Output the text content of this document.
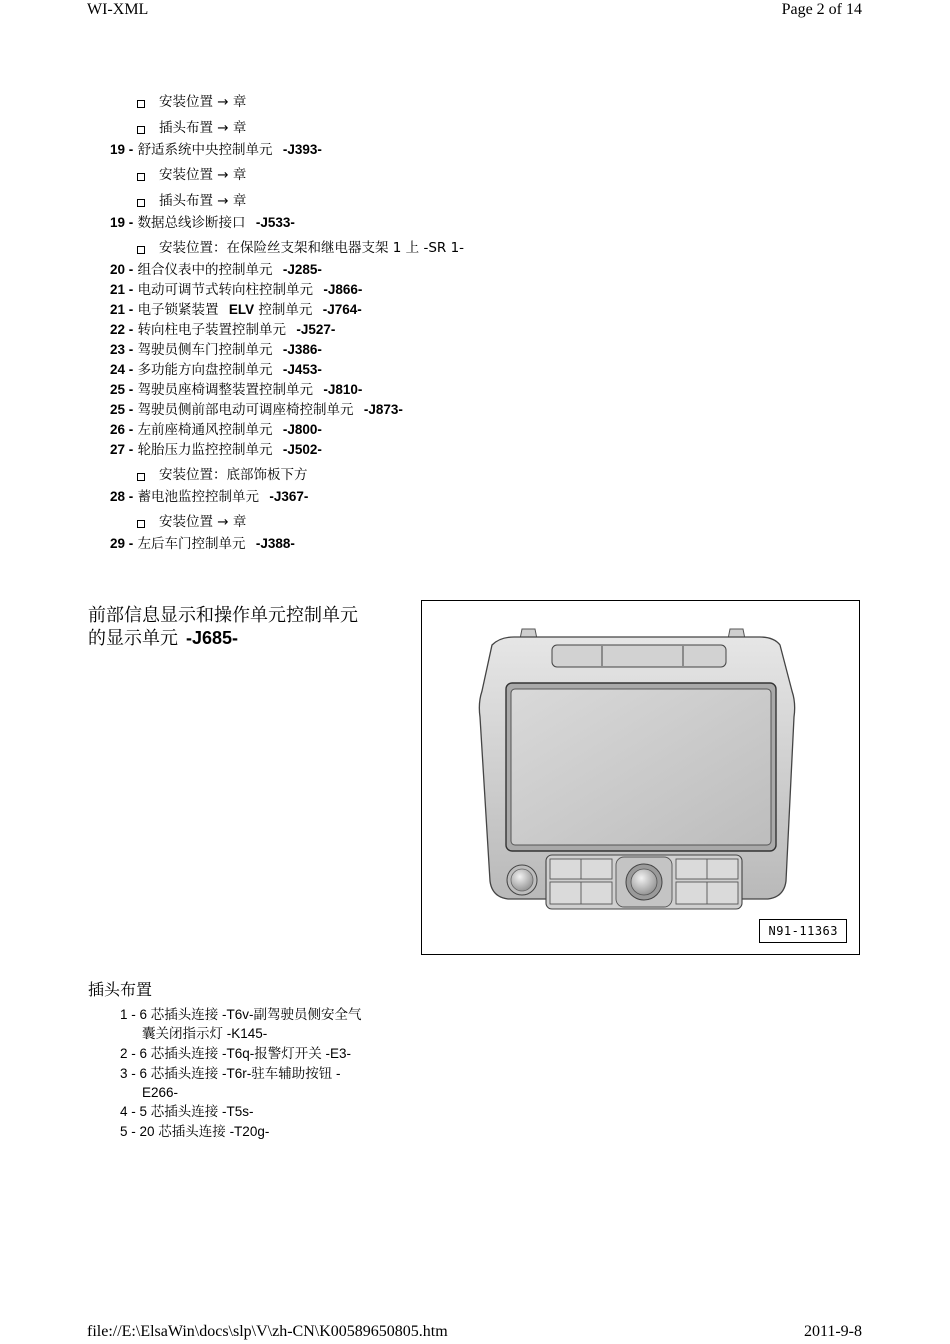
WI-XML	Page 2 of 14
安装位置 → 章
插头布置 → 章
19 - 舒适系统中央控制单元 -J393-
安装位置 → 章
插头布置 → 章
19 - 数据总线诊断接口 -J533-
安装位置：在保险丝支架和继电器支架 1 上 -SR 1-
20 - 组合仪表中的控制单元 -J285-
21 - 电动可调节式转向柱控制单元 -J866-
21 - 电子锁紧装置 ELV 控制单元 -J764-
22 - 转向柱电子装置控制单元 -J527-
23 - 驾驶员侧车门控制单元 -J386-
24 - 多功能方向盘控制单元 -J453-
25 - 驾驶员座椅调整装置控制单元 -J810-
25 - 驾驶员侧前部电动可调座椅控制单元 -J873-
26 - 左前座椅通风控制单元 -J800-
27 - 轮胎压力监控控制单元 -J502-
安装位置：底部饰板下方
28 - 蓄电池监控控制单元 -J367-
安装位置 → 章
29 - 左后车门控制单元 -J388-
前部信息显示和操作单元控制单元
的显示单元 -J685-
N91-11363
插头布置
1 - 6 芯插头连接 -T6v-副驾驶员侧安全气
囊关闭指示灯 -K145-
2 - 6 芯插头连接 -T6q-报警灯开关 -E3-
3 - 6 芯插头连接 -T6r-驻车辅助按钮 -
E266-
4 - 5 芯插头连接 -T5s-
5 - 20 芯插头连接 -T20g-
file://E:\ElsaWin\docs\slp\V\zh-CN\K00589650805.htm	2011-9-8
